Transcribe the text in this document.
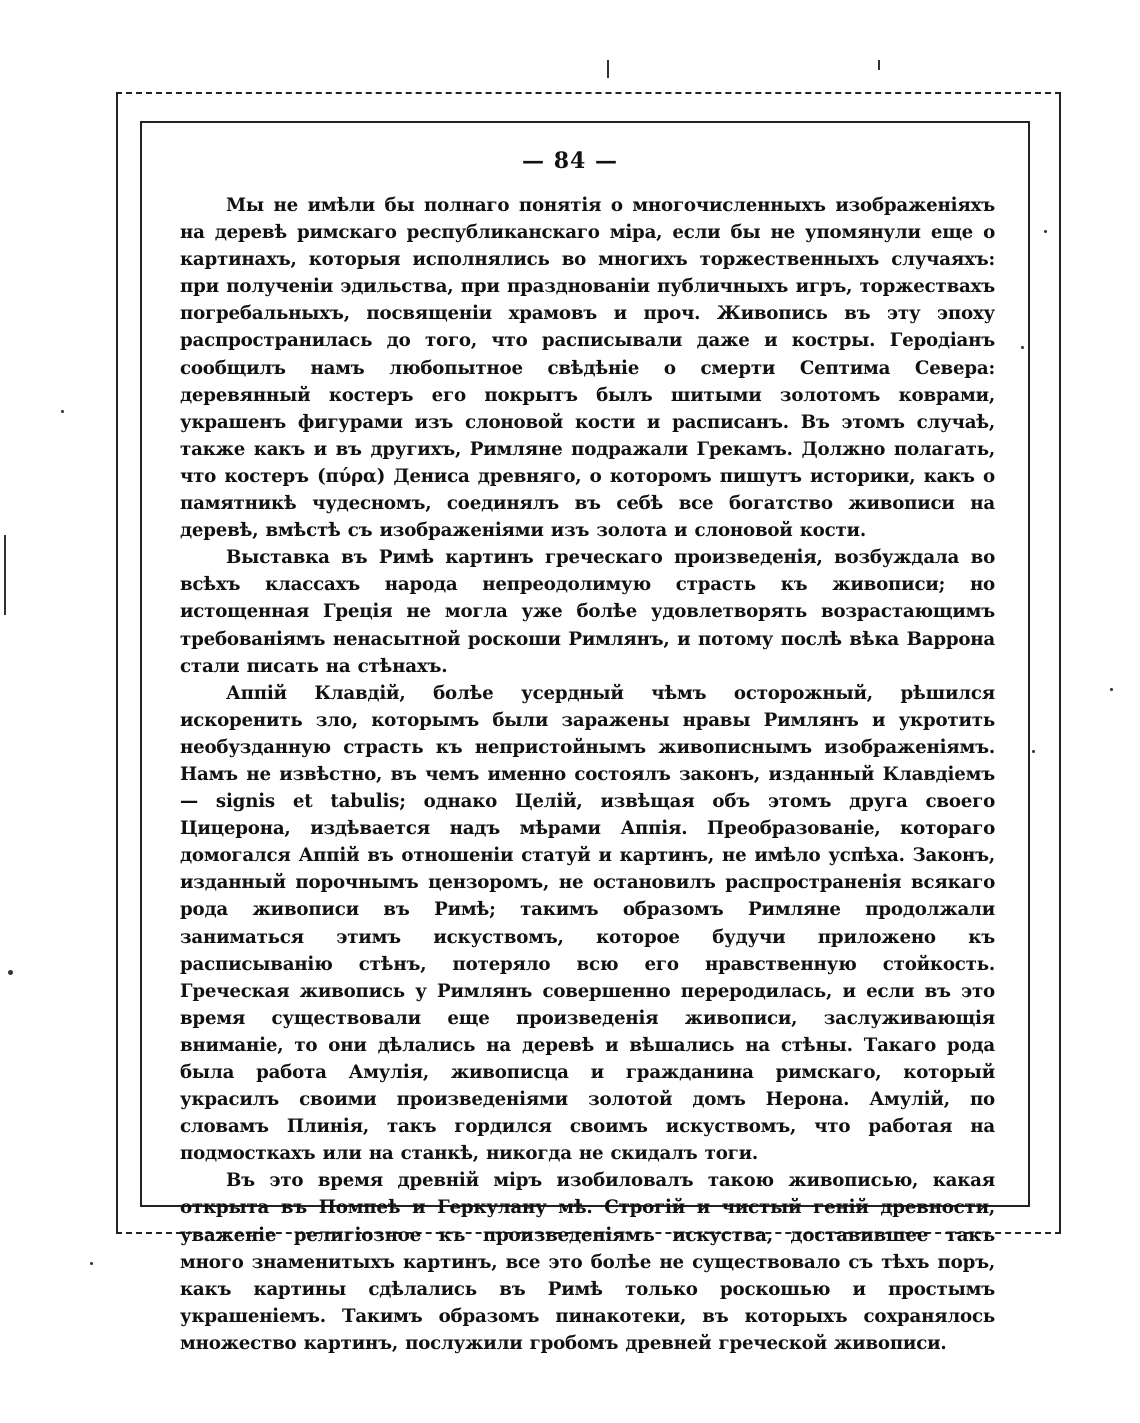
— 84 —

Мы не имѣли бы полнаго понятія о многочисленныхъ изображеніяхъ на деревѣ римскаго республиканскаго міра, если бы не упомянули еще о картинахъ, которыя исполнялись во многихъ торжественныхъ случаяхъ: при полученіи эдильства, при празднованіи публичныхъ игръ, торжествахъ погребальныхъ, посвященіи храмовъ и проч. Живопись въ эту эпоху распространилась до того, что расписывали даже и костры. Геродіанъ сообщилъ намъ любопытное свѣдѣніе о смерти Септима Севера: деревянный костеръ его покрытъ былъ шитыми золотомъ коврами, украшенъ фигурами изъ слоновой кости и расписанъ. Въ этомъ случаѣ, также какъ и въ другихъ, Римляне подражали Грекамъ. Должно полагать, что костеръ (πύρα) Дениса древняго, о которомъ пишутъ историки, какъ о памятникѣ чудесномъ, соединялъ въ себѣ все богатство живописи на деревѣ, вмѣстѣ съ изображеніями изъ золота и слоновой кости.

Выставка въ Римѣ картинъ греческаго произведенія, возбуждала во всѣхъ классахъ народа непреодолимую страсть къ живописи; но истощенная Греція не могла уже болѣе удовлетворять возрастающимъ требованіямъ ненасытной роскоши Римлянъ, и потому послѣ вѣка Варрона стали писать на стѣнахъ.

Аппій Клавдій, болѣе усердный чѣмъ осторожный, рѣшился искоренить зло, которымъ были заражены нравы Римлянъ и укротить необузданную страсть къ непристойнымъ живописнымъ изображеніямъ. Намъ не извѣстно, въ чемъ именно состоялъ законъ, изданный Клавдіемъ — signis et tabulis; однако Целій, извѣщая объ этомъ друга своего Цицерона, издѣвается надъ мѣрами Аппія. Преобразованіе, котораго домогался Аппій въ отношеніи статуй и картинъ, не имѣло успѣха. Законъ, изданный порочнымъ цензоромъ, не остановилъ распространенія всякаго рода живописи въ Римѣ; такимъ образомъ Римляне продолжали заниматься этимъ искуствомъ, которое будучи приложено къ расписыванію стѣнъ, потеряло всю его нравственную стойкость. Греческая живопись у Римлянъ совершенно переродилась, и если въ это время существовали еще произведенія живописи, заслуживающія вниманіе, то они дѣлались на деревѣ и вѣшались на стѣны. Такаго рода была работа Амулія, живописца и гражданина римскаго, который украсилъ своими произведеніями золотой домъ Нерона. Амулій, по словамъ Плинія, такъ гордился своимъ искуствомъ, что работая на подмосткахъ или на станкѣ, никогда не скидалъ тоги.

Въ это время древній міръ изобиловалъ такою живописью, какая открыта въ Помпеѣ и Геркулану мѣ. Строгій и чистый геній древности, уваженіе религіозное къ произведеніямъ искуства, доставившее такъ много знаменитыхъ картинъ, все это болѣе не существовало съ тѣхъ поръ, какъ картины сдѣлались въ Римѣ только роскошью и простымъ украшеніемъ. Такимъ образомъ пинакотеки, въ которыхъ сохранялось множество картинъ, послужили гробомъ древней греческой живописи.
